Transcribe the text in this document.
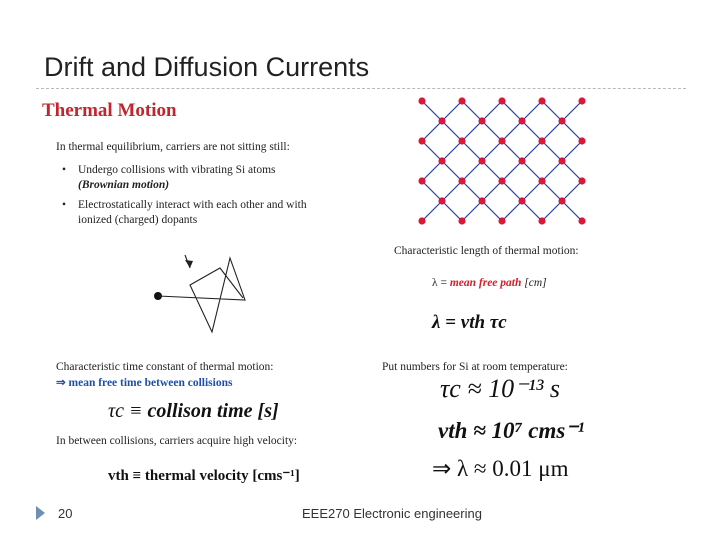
Drift and Diffusion Currents
Thermal Motion
In thermal equilibrium, carriers are not sitting still:
• Undergo collisions with vibrating Si atoms
(Brownian motion)
• Electrostatically interact with each other and with
ionized (charged) dopants
Characteristic length of thermal motion:
λ = mean free path [cm]
λ = vth τc
Characteristic time constant of thermal motion:
⇒ mean free time between collisions
τc ≡ collison time [s]
In between collisions, carriers acquire high velocity:
vth ≡ thermal velocity [cms⁻¹]
Put numbers for Si at room temperature:
τc ≈ 10⁻¹³ s
vth ≈ 10⁷ cms⁻¹
⇒ λ ≈ 0.01 μm
20	EEE270 Electronic engineering
